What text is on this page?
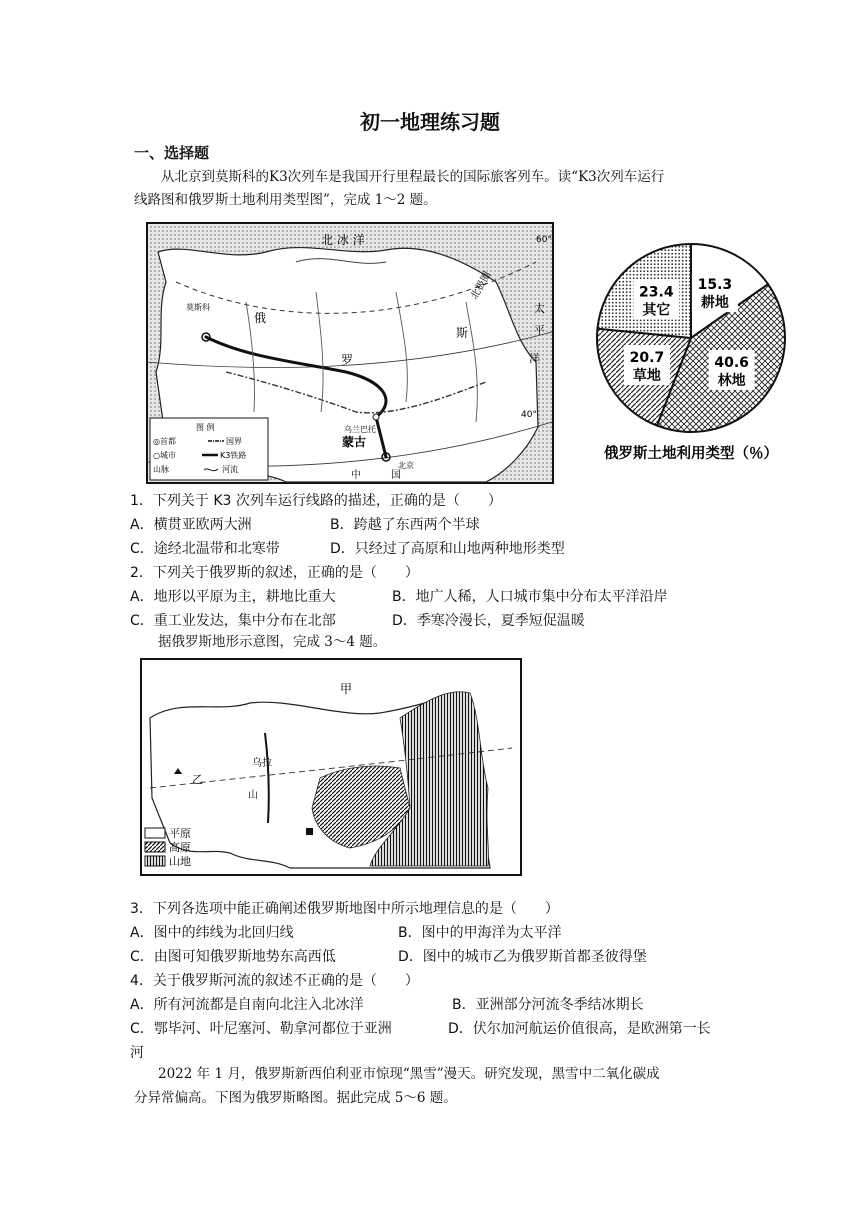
初一地理练习题
一、选择题
从北京到莫斯科的K3次列车是我国开行里程最长的国际旅客列车。读“K3次列车运行
线路图和俄罗斯土地利用类型图”，完成 1～2 题。
北 冰 洋
北极圈
60°
40°
俄
罗
斯
太
平
洋
莫斯科
乌兰巴托
蒙古
中	国
北京
图 例
◎首都	国界
○城市	K3铁路
山脉	河流
15.3
耕地
40.6
林地
20.7
草地
23.4
其它
俄罗斯土地利用类型（％）
1．下列关于 K3 次列车运行线路的描述，正确的是（　　）
A．横贯亚欧两大洲	B．跨越了东西两个半球
C．途经北温带和北寒带	D．只经过了高原和山地两种地形类型
2．下列关于俄罗斯的叙述，正确的是（　　）
A．地形以平原为主，耕地比重大	B．地广人稀，人口城市集中分布太平洋沿岸
C．重工业发达，集中分布在北部	D．季寒冷漫长，夏季短促温暖
据俄罗斯地形示意图，完成 3～4 题。
甲
乙
乌拉
山
平原
高原
山地
3．下列各选项中能正确阐述俄罗斯地图中所示地理信息的是（　　）
A．图中的纬线为北回归线	B．图中的甲海洋为太平洋
C．由图可知俄罗斯地势东高西低	D．图中的城市乙为俄罗斯首都圣彼得堡
4．关于俄罗斯河流的叙述不正确的是（　　）
A．所有河流都是自南向北注入北冰洋	B．亚洲部分河流冬季结冰期长
C．鄂毕河、叶尼塞河、勒拿河都位于亚洲	D．伏尔加河航运价值很高，是欧洲第一长
河
2022 年 1 月，俄罗斯新西伯利亚市惊现“黑雪”漫天。研究发现，黑雪中二氧化碳成
分异常偏高。下图为俄罗斯略图。据此完成 5～6 题。
